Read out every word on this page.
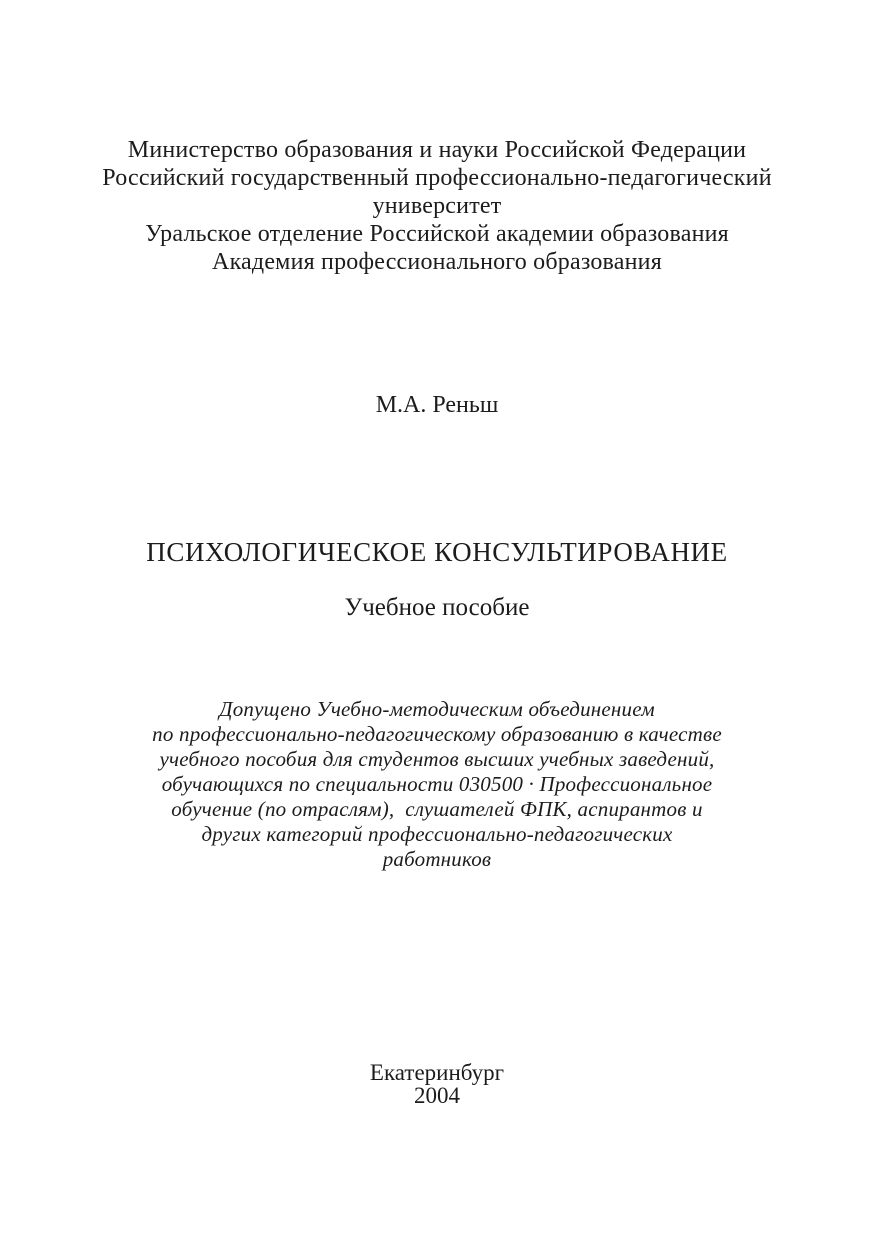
Министерство образования и науки Российской Федерации
Российский государственный профессионально-педагогический
университет
Уральское отделение Российской академии образования
Академия профессионального образования
М.А. Реньш
ПСИХОЛОГИЧЕСКОЕ КОНСУЛЬТИРОВАНИЕ
Учебное пособие
Допущено Учебно-методическим объединением
по профессионально-педагогическому образованию в качестве
учебного пособия для студентов высших учебных заведений,
обучающихся по специальности 030500 · Профессиональное
обучение (по отраслям),  слушателей ФПК, аспирантов и
других категорий профессионально-педагогических
работников
Екатеринбург
2004
